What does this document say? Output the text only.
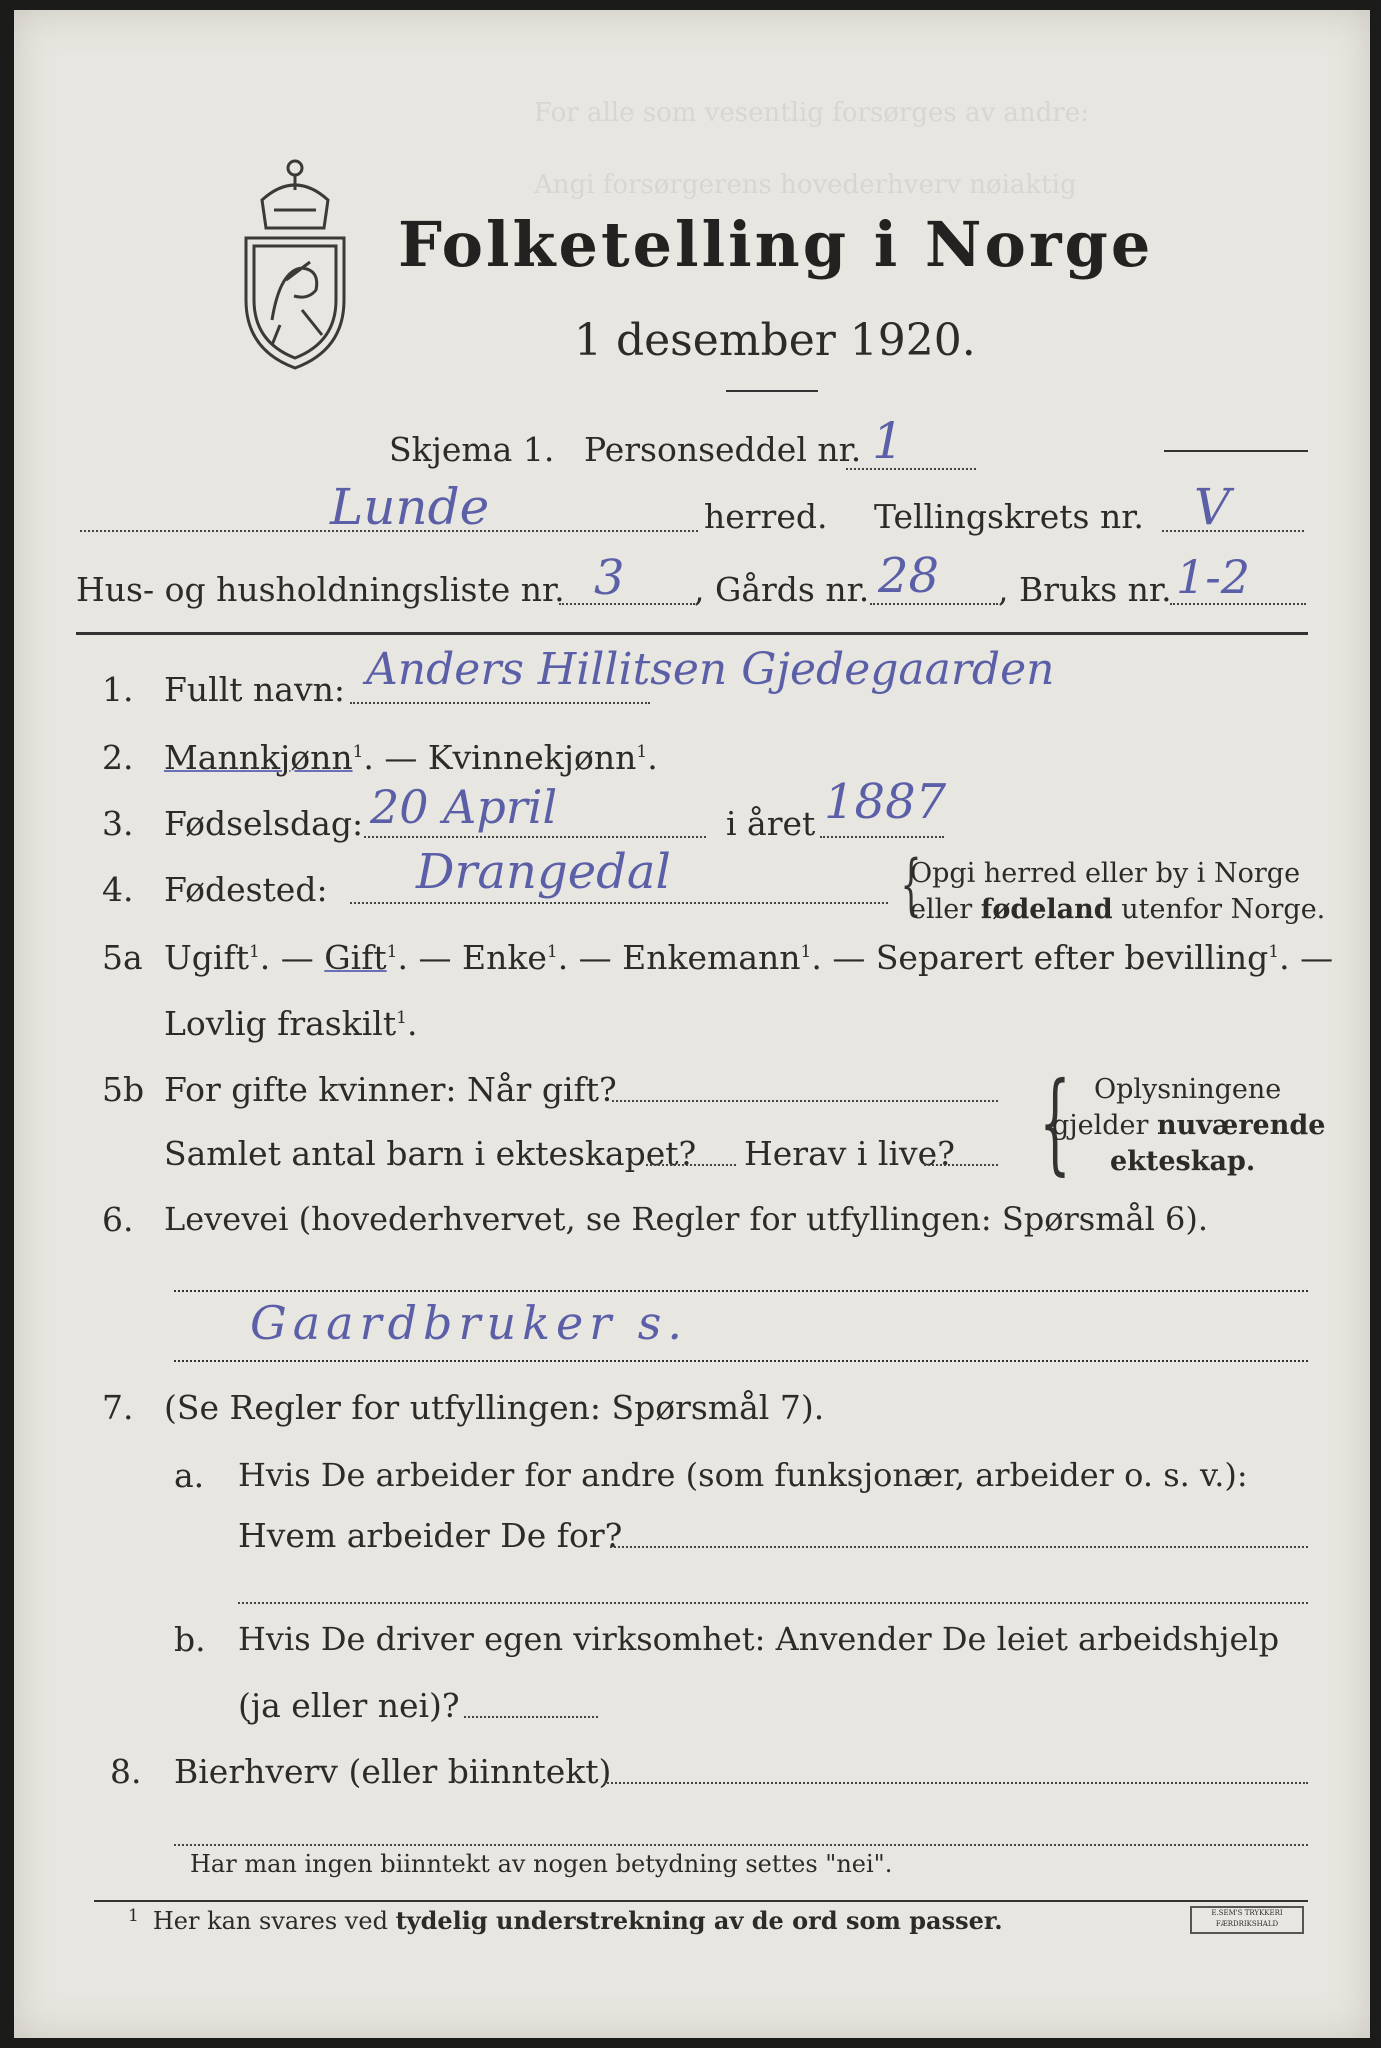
For alle som vesentlig forsørges av andre:
Angi forsørgerens hovederhverv nøiaktig
Folketelling i Norge
1 desember 1920.
Skjema 1. Personseddel nr. 1
Lunde	herred. Tellingskrets nr. V
Hus- og husholdningsliste nr. 3 , Gårds nr. 28 , Bruks nr. 1-2
1. Fullt navn: Anders Hillitsen Gjedegaarden
2. Mannkjønn$^1$. — Kvinnekjønn$^1$.
3. Fødselsdag: 20 April	i året 1887
4. Fødested: Drangedal	{
Opgi herred eller by i Norge
eller fødeland utenfor Norge.
5a Ugift$^1$. — Gift$^1$. — Enke$^1$. — Enkemann$^1$. — Separert efter bevilling$^1$. —
Lovlig fraskilt$^1$.
5b For gifte kvinner: Når gift?
Samlet antal barn i ekteskapet? Herav i live? { Oplysningene
gjelder nuværende
ekteskap.
6. Levevei (hovederhvervet, se Regler for utfyllingen: Spørsmål 6).
Gaardbruker s.
7. (Se Regler for utfyllingen: Spørsmål 7).
a. Hvis De arbeider for andre (som funksjonær, arbeider o. s. v.):
Hvem arbeider De for?
b. Hvis De driver egen virksomhet: Anvender De leiet arbeidshjelp
(ja eller nei)?
8. Bierhverv (eller biinntekt)
Har man ingen biinntekt av nogen betydning settes "nei".
$^1$ Her kan svares ved tydelig understrekning av de ord som passer.	E.SEM'S TRYKKERI FÆRDRIKSHALD
